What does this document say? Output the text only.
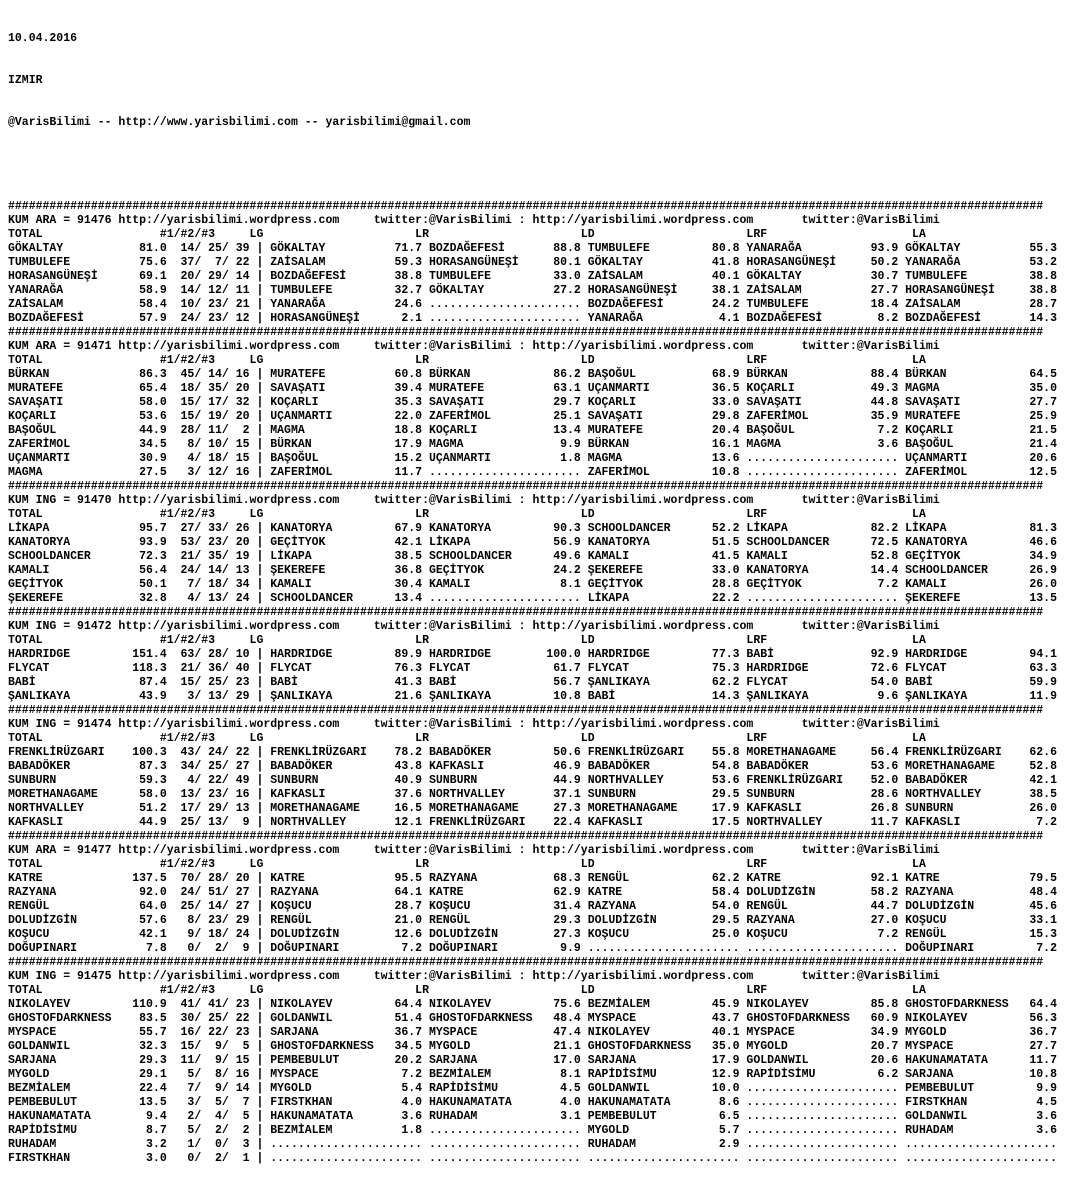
10.04.2016

IZMIR

@VarisBilimi -- http://www.yarisbilimi.com -- yarisbilimi@gmail.com

######################################################################################################################################################
KUM ARA = 91476 http://yarisbilimi.wordpress.com     twitter:@VarisBilimi : http://yarisbilimi.wordpress.com       twitter:@VarisBilimi
TOTAL                 #1/#2/#3     LG                      LR                      LD                      LRF                     LA
GÖKALTAY           81.0  14/ 25/ 39 | GÖKALTAY          71.7 BOZDAĞEFESİ       88.8 TUMBULEFE         80.8 YANARAĞA          93.9 GÖKALTAY          55.3
TUMBULEFE          75.6  37/  7/ 22 | ZAİSALAM          59.3 HORASANGÜNEŞİ     80.1 GÖKALTAY          41.8 HORASANGÜNEŞİ     50.2 YANARAĞA          53.2
HORASANGÜNEŞİ      69.1  20/ 29/ 14 | BOZDAĞEFESİ       38.8 TUMBULEFE         33.0 ZAİSALAM          40.1 GÖKALTAY          30.7 TUMBULEFE         38.8
YANARAĞA           58.9  14/ 12/ 11 | TUMBULEFE         32.7 GÖKALTAY          27.2 HORASANGÜNEŞİ     38.1 ZAİSALAM          27.7 HORASANGÜNEŞİ     38.8
ZAİSALAM           58.4  10/ 23/ 21 | YANARAĞA          24.6 ...................... BOZDAĞEFESİ       24.2 TUMBULEFE         18.4 ZAİSALAM          28.7
BOZDAĞEFESİ        57.9  24/ 23/ 12 | HORASANGÜNEŞİ      2.1 ...................... YANARAĞA           4.1 BOZDAĞEFESİ        8.2 BOZDAĞEFESİ       14.3
######################################################################################################################################################
KUM ARA = 91471 http://yarisbilimi.wordpress.com     twitter:@VarisBilimi : http://yarisbilimi.wordpress.com       twitter:@VarisBilimi
TOTAL                 #1/#2/#3     LG                      LR                      LD                      LRF                     LA
BÜRKAN             86.3  45/ 14/ 16 | MURATEFE          60.8 BÜRKAN            86.2 BAŞOĞUL           68.9 BÜRKAN            88.4 BÜRKAN            64.5
MURATEFE           65.4  18/ 35/ 20 | SAVAŞATI          39.4 MURATEFE          63.1 UÇANMARTI         36.5 KOÇARLI           49.3 MAGMA             35.0
SAVAŞATI           58.0  15/ 17/ 32 | KOÇARLI           35.3 SAVAŞATI          29.7 KOÇARLI           33.0 SAVAŞATI          44.8 SAVAŞATI          27.7
KOÇARLI            53.6  15/ 19/ 20 | UÇANMARTI         22.0 ZAFERİMOL         25.1 SAVAŞATI          29.8 ZAFERİMOL         35.9 MURATEFE          25.9
BAŞOĞUL            44.9  28/ 11/  2 | MAGMA             18.8 KOÇARLI           13.4 MURATEFE          20.4 BAŞOĞUL            7.2 KOÇARLI           21.5
ZAFERİMOL          34.5   8/ 10/ 15 | BÜRKAN            17.9 MAGMA              9.9 BÜRKAN            16.1 MAGMA              3.6 BAŞOĞUL           21.4
UÇANMARTI          30.9   4/ 18/ 15 | BAŞOĞUL           15.2 UÇANMARTI          1.8 MAGMA             13.6 ...................... UÇANMARTI         20.6
MAGMA              27.5   3/ 12/ 16 | ZAFERİMOL         11.7 ...................... ZAFERİMOL         10.8 ...................... ZAFERİMOL         12.5
######################################################################################################################################################
KUM ING = 91470 http://yarisbilimi.wordpress.com     twitter:@VarisBilimi : http://yarisbilimi.wordpress.com       twitter:@VarisBilimi
TOTAL                 #1/#2/#3     LG                      LR                      LD                      LRF                     LA
LİKAPA             95.7  27/ 33/ 26 | KANATORYA         67.9 KANATORYA         90.3 SCHOOLDANCER      52.2 LİKAPA            82.2 LİKAPA            81.3
KANATORYA          93.9  53/ 23/ 20 | GEÇİTYOK          42.1 LİKAPA            56.9 KANATORYA         51.5 SCHOOLDANCER      72.5 KANATORYA         46.6
SCHOOLDANCER       72.3  21/ 35/ 19 | LİKAPA            38.5 SCHOOLDANCER      49.6 KAMALI            41.5 KAMALI            52.8 GEÇİTYOK          34.9
KAMALI             56.4  24/ 14/ 13 | ŞEKEREFE          36.8 GEÇİTYOK          24.2 ŞEKEREFE          33.0 KANATORYA         14.4 SCHOOLDANCER      26.9
GEÇİTYOK           50.1   7/ 18/ 34 | KAMALI            30.4 KAMALI             8.1 GEÇİTYOK          28.8 GEÇİTYOK           7.2 KAMALI            26.0
ŞEKEREFE           32.8   4/ 13/ 24 | SCHOOLDANCER      13.4 ...................... LİKAPA            22.2 ...................... ŞEKEREFE          13.5
######################################################################################################################################################
KUM ING = 91472 http://yarisbilimi.wordpress.com     twitter:@VarisBilimi : http://yarisbilimi.wordpress.com       twitter:@VarisBilimi
TOTAL                 #1/#2/#3     LG                      LR                      LD                      LRF                     LA
HARDRIDGE         151.4  63/ 28/ 10 | HARDRIDGE         89.9 HARDRIDGE        100.0 HARDRIDGE         77.3 BABİ              92.9 HARDRIDGE         94.1
FLYCAT            118.3  21/ 36/ 40 | FLYCAT            76.3 FLYCAT            61.7 FLYCAT            75.3 HARDRIDGE         72.6 FLYCAT            63.3
BABİ               87.4  15/ 25/ 23 | BABİ              41.3 BABİ              56.7 ŞANLIKAYA         62.2 FLYCAT            54.0 BABİ              59.9
ŞANLIKAYA          43.9   3/ 13/ 29 | ŞANLIKAYA         21.6 ŞANLIKAYA         10.8 BABİ              14.3 ŞANLIKAYA          9.6 ŞANLIKAYA         11.9
######################################################################################################################################################
KUM ING = 91474 http://yarisbilimi.wordpress.com     twitter:@VarisBilimi : http://yarisbilimi.wordpress.com       twitter:@VarisBilimi
TOTAL                 #1/#2/#3     LG                      LR                      LD                      LRF                     LA
FRENKLİRÜZGARI    100.3  43/ 24/ 22 | FRENKLİRÜZGARI    78.2 BABADÖKER         50.6 FRENKLİRÜZGARI    55.8 MORETHANAGAME     56.4 FRENKLİRÜZGARI    62.6
BABADÖKER          87.3  34/ 25/ 27 | BABADÖKER         43.8 KAFKASLI          46.9 BABADÖKER         54.8 BABADÖKER         53.6 MORETHANAGAME     52.8
SUNBURN            59.3   4/ 22/ 49 | SUNBURN           40.9 SUNBURN           44.9 NORTHVALLEY       53.6 FRENKLİRÜZGARI    52.0 BABADÖKER         42.1
MORETHANAGAME      58.0  13/ 23/ 16 | KAFKASLI          37.6 NORTHVALLEY       37.1 SUNBURN           29.5 SUNBURN           28.6 NORTHVALLEY       38.5
NORTHVALLEY        51.2  17/ 29/ 13 | MORETHANAGAME     16.5 MORETHANAGAME     27.3 MORETHANAGAME     17.9 KAFKASLI          26.8 SUNBURN           26.0
KAFKASLI           44.9  25/ 13/  9 | NORTHVALLEY       12.1 FRENKLİRÜZGARI    22.4 KAFKASLI          17.5 NORTHVALLEY       11.7 KAFKASLI           7.2
######################################################################################################################################################
KUM ARA = 91477 http://yarisbilimi.wordpress.com     twitter:@VarisBilimi : http://yarisbilimi.wordpress.com       twitter:@VarisBilimi
TOTAL                 #1/#2/#3     LG                      LR                      LD                      LRF                     LA
KATRE             137.5  70/ 28/ 20 | KATRE             95.5 RAZYANA           68.3 RENGÜL            62.2 KATRE             92.1 KATRE             79.5
RAZYANA            92.0  24/ 51/ 27 | RAZYANA           64.1 KATRE             62.9 KATRE             58.4 DOLUDİZGİN        58.2 RAZYANA           48.4
RENGÜL             64.0  25/ 14/ 27 | KOŞUCU            28.7 KOŞUCU            31.4 RAZYANA           54.0 RENGÜL            44.7 DOLUDİZGİN        45.6
DOLUDİZGİN         57.6   8/ 23/ 29 | RENGÜL            21.0 RENGÜL            29.3 DOLUDİZGİN        29.5 RAZYANA           27.0 KOŞUCU            33.1
KOŞUCU             42.1   9/ 18/ 24 | DOLUDİZGİN        12.6 DOLUDİZGİN        27.3 KOŞUCU            25.0 KOŞUCU             7.2 RENGÜL            15.3
DOĞUPINARI          7.8   0/  2/  9 | DOĞUPINARI         7.2 DOĞUPINARI         9.9 ...................... ...................... DOĞUPINARI         7.2
######################################################################################################################################################
KUM ING = 91475 http://yarisbilimi.wordpress.com     twitter:@VarisBilimi : http://yarisbilimi.wordpress.com       twitter:@VarisBilimi
TOTAL                 #1/#2/#3     LG                      LR                      LD                      LRF                     LA
NIKOLAYEV         110.9  41/ 41/ 23 | NIKOLAYEV         64.4 NIKOLAYEV         75.6 BEZMİALEM         45.9 NIKOLAYEV         85.8 GHOSTOFDARKNESS   64.4
GHOSTOFDARKNESS    83.5  30/ 25/ 22 | GOLDANWIL         51.4 GHOSTOFDARKNESS   48.4 MYSPACE           43.7 GHOSTOFDARKNESS   60.9 NIKOLAYEV         56.3
MYSPACE            55.7  16/ 22/ 23 | SARJANA           36.7 MYSPACE           47.4 NIKOLAYEV         40.1 MYSPACE           34.9 MYGOLD            36.7
GOLDANWIL          32.3  15/  9/  5 | GHOSTOFDARKNESS   34.5 MYGOLD            21.1 GHOSTOFDARKNESS   35.0 MYGOLD            20.7 MYSPACE           27.7
SARJANA            29.3  11/  9/ 15 | PEMBEBULUT        20.2 SARJANA           17.0 SARJANA           17.9 GOLDANWIL         20.6 HAKUNAMATATA      11.7
MYGOLD             29.1   5/  8/ 16 | MYSPACE            7.2 BEZMİALEM          8.1 RAPİDİSİMU        12.9 RAPİDİSİMU         6.2 SARJANA           10.8
BEZMİALEM          22.4   7/  9/ 14 | MYGOLD             5.4 RAPİDİSİMU         4.5 GOLDANWIL         10.0 ...................... PEMBEBULUT         9.9
PEMBEBULUT         13.5   3/  5/  7 | FIRSTKHAN          4.0 HAKUNAMATATA       4.0 HAKUNAMATATA       8.6 ...................... FIRSTKHAN          4.5
HAKUNAMATATA        9.4   2/  4/  5 | HAKUNAMATATA       3.6 RUHADAM            3.1 PEMBEBULUT         6.5 ...................... GOLDANWIL          3.6
RAPİDİSİMU          8.7   5/  2/  2 | BEZMİALEM          1.8 ...................... MYGOLD             5.7 ...................... RUHADAM            3.6
RUHADAM             3.2   1/  0/  3 | ...................... ...................... RUHADAM            2.9 ...................... ......................
FIRSTKHAN           3.0   0/  2/  1 | ...................... ...................... ...................... ...................... ......................
